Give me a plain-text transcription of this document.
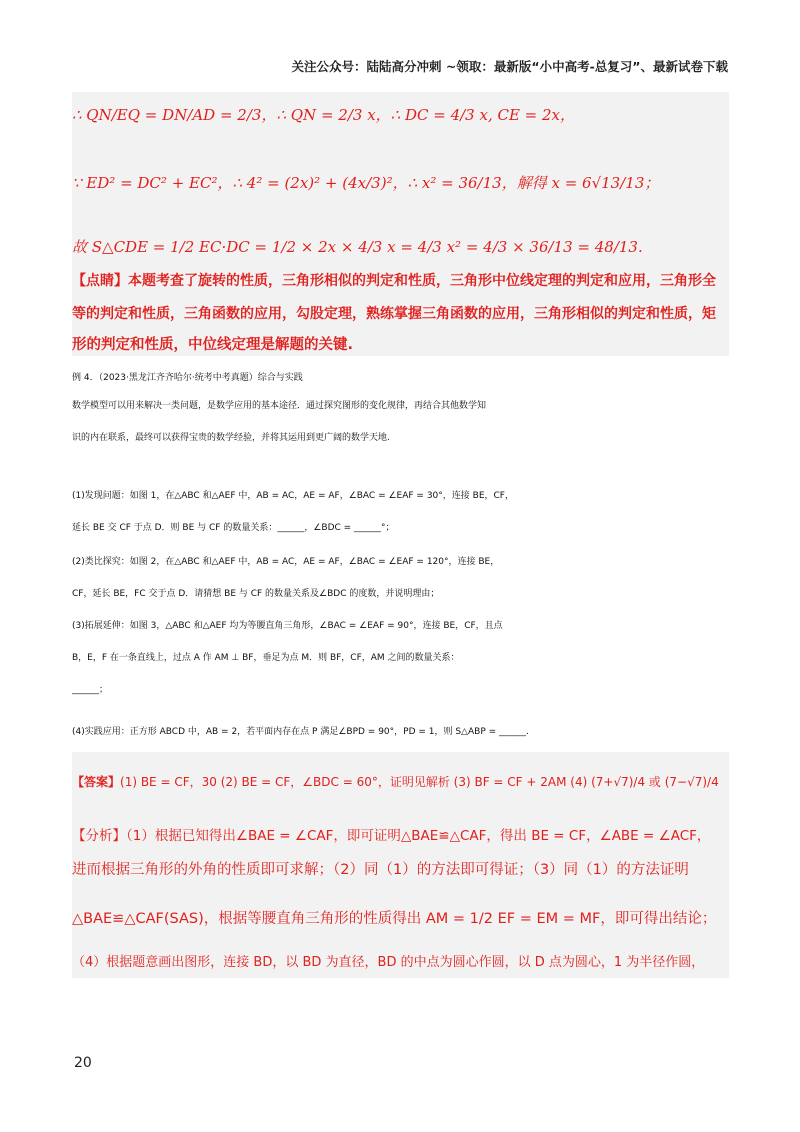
关注公众号：陆陆高分冲刺 ~领取：最新版“小中高考-总复习”、最新试卷下载
∴ QN/EQ = DN/AD = 2/3，∴ QN = 2/3 x，∴ DC = 4/3 x, CE = 2x，
∵ ED² = DC² + EC²，∴ 4² = (2x)² + (4x/3)²，∴ x² = 36/13，解得 x = 6√13/13；
故 S△CDE = 1/2 EC·DC = 1/2 × 2x × 4/3 x = 4/3 x² = 4/3 × 36/13 = 48/13.
【点睛】本题考查了旋转的性质，三角形相似的判定和性质，三角形中位线定理的判定和应用，三角形全
等的判定和性质，三角函数的应用，勾股定理，熟练掌握三角函数的应用，三角形相似的判定和性质，矩
形的判定和性质，中位线定理是解题的关键.
例 4．（2023·黑龙江齐齐哈尔·统考中考真题）综合与实践
数学模型可以用来解决一类问题，是数学应用的基本途径．通过探究图形的变化规律，再结合其他数学知
识的内在联系，最终可以获得宝贵的数学经验，并将其运用到更广阔的数学天地.
(1)发现问题：如图 1，在△ABC 和△AEF 中，AB = AC，AE = AF，∠BAC = ∠EAF = 30°，连接 BE，CF，
延长 BE 交 CF 于点 D．则 BE 与 CF 的数量关系：______，∠BDC = ______°；
(2)类比探究：如图 2，在△ABC 和△AEF 中，AB = AC，AE = AF，∠BAC = ∠EAF = 120°，连接 BE，
CF，延长 BE，FC 交于点 D．请猜想 BE 与 CF 的数量关系及∠BDC 的度数，并说明理由；
(3)拓展延伸：如图 3，△ABC 和△AEF 均为等腰直角三角形，∠BAC = ∠EAF = 90°，连接 BE，CF，且点
B，E，F 在一条直线上，过点 A 作 AM ⊥ BF，垂足为点 M．则 BF，CF，AM 之间的数量关系：
______；
(4)实践应用：正方形 ABCD 中，AB = 2，若平面内存在点 P 满足∠BPD = 90°，PD = 1，则 S△ABP = ______.
【答案】(1) BE = CF，30 (2) BE = CF，∠BDC = 60°，证明见解析 (3) BF = CF + 2AM (4) (7+√7)/4 或 (7−√7)/4
【分析】（1）根据已知得出∠BAE = ∠CAF，即可证明△BAE≌△CAF，得出 BE = CF，∠ABE = ∠ACF，
进而根据三角形的外角的性质即可求解；（2）同（1）的方法即可得证；（3）同（1）的方法证明
△BAE≌△CAF(SAS)，根据等腰直角三角形的性质得出 AM = 1/2 EF = EM = MF，即可得出结论；
（4）根据题意画出图形，连接 BD，以 BD 为直径，BD 的中点为圆心作圆，以 D 点为圆心，1 为半径作圆，
20
